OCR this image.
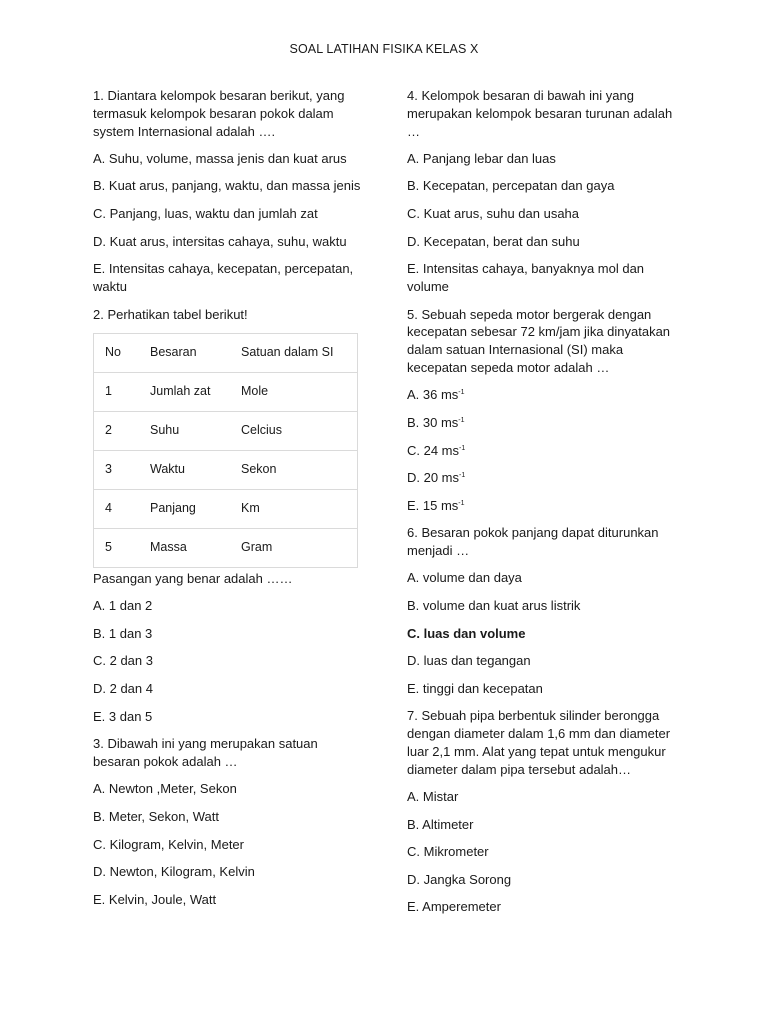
SOAL LATIHAN FISIKA KELAS X

1. Diantara kelompok besaran berikut, yang termasuk kelompok besaran pokok dalam system Internasional adalah ….

A. Suhu, volume, massa jenis dan kuat arus

B. Kuat arus, panjang, waktu, dan massa jenis

C. Panjang, luas, waktu dan jumlah zat

D. Kuat arus, intersitas cahaya, suhu, waktu

E. Intensitas cahaya, kecepatan, percepatan, waktu

2. Perhatikan tabel berikut!

No	Besaran	Satuan dalam SI
1	Jumlah zat	Mole
2	Suhu	Celcius
3	Waktu	Sekon
4	Panjang	Km
5	Massa	Gram

Pasangan yang benar adalah ……

A. 1 dan 2

B. 1 dan 3

C. 2 dan 3

D. 2 dan 4

E. 3 dan 5

3. Dibawah ini yang merupakan satuan besaran pokok adalah …

A. Newton ,Meter, Sekon

B. Meter, Sekon, Watt

C. Kilogram, Kelvin, Meter

D. Newton, Kilogram, Kelvin

E. Kelvin, Joule, Watt

4. Kelompok besaran di bawah ini yang merupakan kelompok besaran turunan adalah …

A. Panjang lebar dan luas

B. Kecepatan, percepatan dan gaya

C. Kuat arus, suhu dan usaha

D. Kecepatan, berat dan suhu

E. Intensitas cahaya, banyaknya mol dan volume

5. Sebuah sepeda motor bergerak dengan kecepatan sebesar 72 km/jam jika dinyatakan dalam satuan Internasional (SI) maka kecepatan sepeda motor adalah …

A. 36 $ms^{-1}$

B. 30 $ms^{-1}$

C. 24 $ms^{-1}$

D. 20 $ms^{-1}$

E. 15 $ms^{-1}$

6. Besaran pokok panjang dapat diturunkan menjadi …

A. volume dan daya

B. volume dan kuat arus listrik

C. luas dan volume

D. luas dan tegangan

E. tinggi dan kecepatan

7. Sebuah pipa berbentuk silinder berongga dengan diameter dalam 1,6 mm dan diameter luar 2,1 mm. Alat yang tepat untuk mengukur diameter dalam pipa tersebut adalah…

A. Mistar

B. Altimeter

C. Mikrometer

D. Jangka Sorong

E. Amperemeter
